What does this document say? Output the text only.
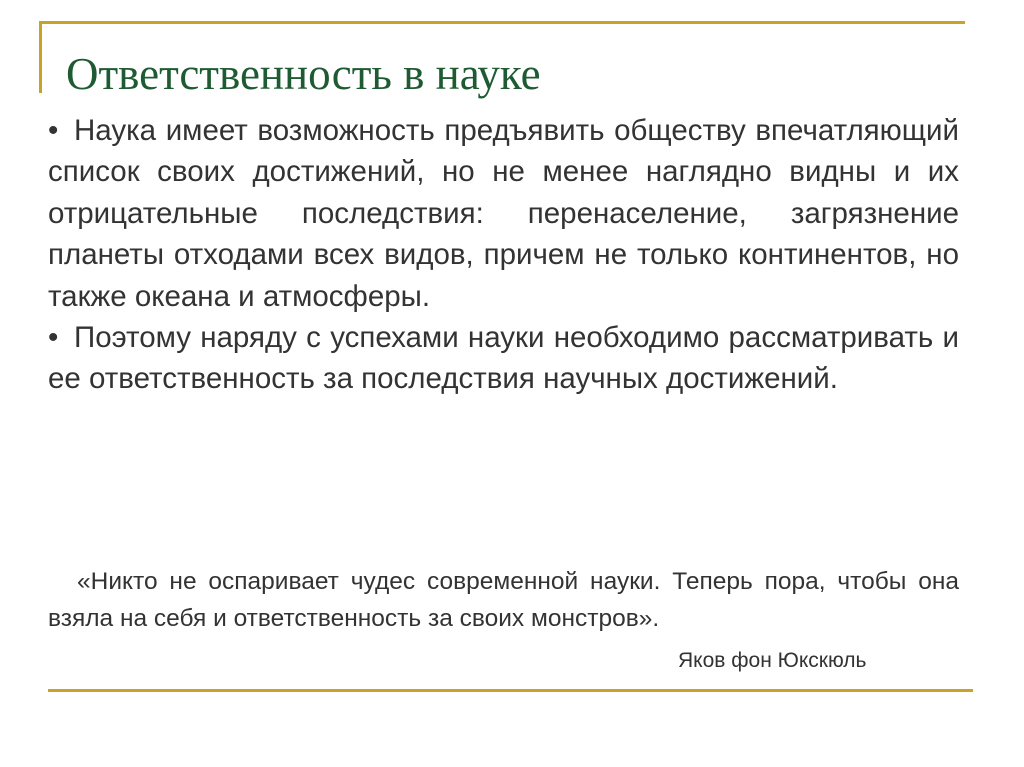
Ответственность в науке

• Наука имеет возможность предъявить обществу впечатляющий список своих достижений, но не менее наглядно видны и их отрицательные последствия: перенаселение, загрязнение планеты отходами всех видов, причем не только континентов, но также океана и атмосферы.

• Поэтому наряду с успехами науки необходимо рассматривать и ее ответственность за последствия научных достижений.

«Никто не оспаривает чудес современной науки. Теперь пора, чтобы она взяла на себя и ответственность за своих монстров».

Яков фон Юкскюль
